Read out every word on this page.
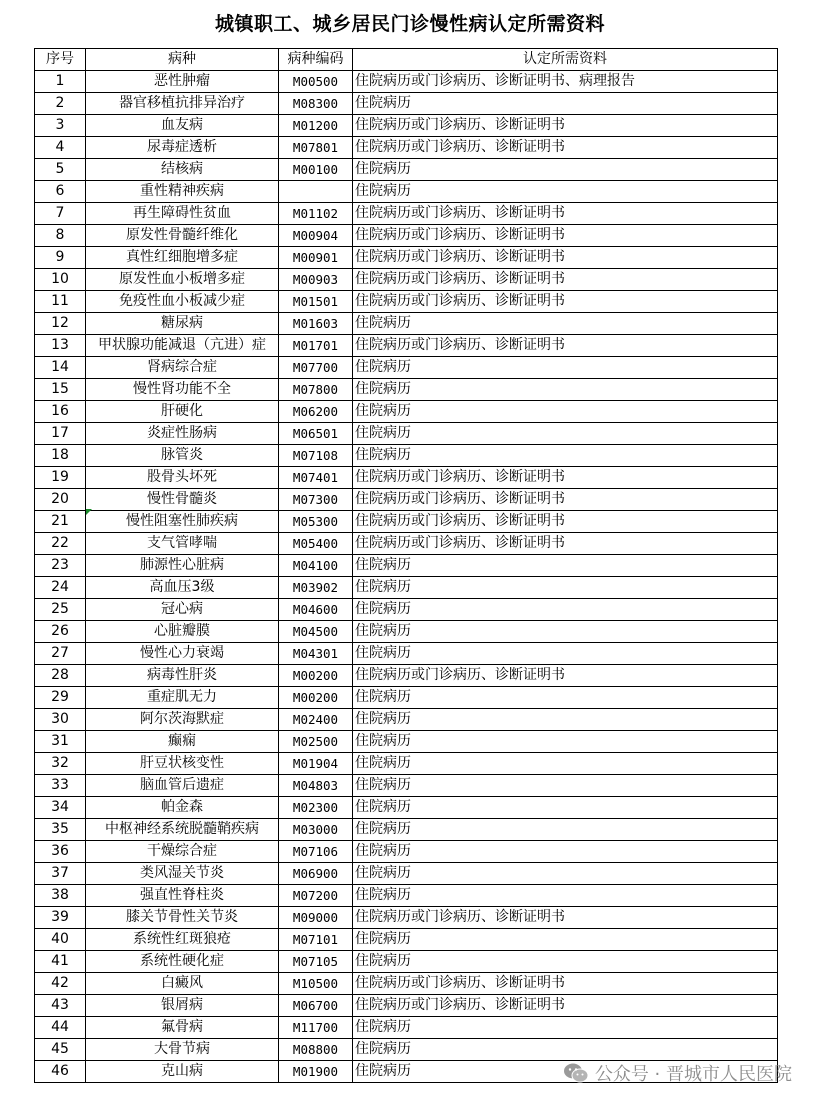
城镇职工、城乡居民门诊慢性病认定所需资料
序号	病种	病种编码	认定所需资料
1	恶性肿瘤	M00500	住院病历或门诊病历、诊断证明书、病理报告
2	器官移植抗排异治疗	M08300	住院病历
3	血友病	M01200	住院病历或门诊病历、诊断证明书
4	尿毒症透析	M07801	住院病历或门诊病历、诊断证明书
5	结核病	M00100	住院病历
6	重性精神疾病		住院病历
7	再生障碍性贫血	M01102	住院病历或门诊病历、诊断证明书
8	原发性骨髓纤维化	M00904	住院病历或门诊病历、诊断证明书
9	真性红细胞增多症	M00901	住院病历或门诊病历、诊断证明书
10	原发性血小板增多症	M00903	住院病历或门诊病历、诊断证明书
11	免疫性血小板减少症	M01501	住院病历或门诊病历、诊断证明书
12	糖尿病	M01603	住院病历
13	甲状腺功能减退（亢进）症	M01701	住院病历或门诊病历、诊断证明书
14	肾病综合症	M07700	住院病历
15	慢性肾功能不全	M07800	住院病历
16	肝硬化	M06200	住院病历
17	炎症性肠病	M06501	住院病历
18	脉管炎	M07108	住院病历
19	股骨头坏死	M07401	住院病历或门诊病历、诊断证明书
20	慢性骨髓炎	M07300	住院病历或门诊病历、诊断证明书
21	慢性阻塞性肺疾病	M05300	住院病历或门诊病历、诊断证明书
22	支气管哮喘	M05400	住院病历或门诊病历、诊断证明书
23	肺源性心脏病	M04100	住院病历
24	高血压3级	M03902	住院病历
25	冠心病	M04600	住院病历
26	心脏瓣膜	M04500	住院病历
27	慢性心力衰竭	M04301	住院病历
28	病毒性肝炎	M00200	住院病历或门诊病历、诊断证明书
29	重症肌无力	M00200	住院病历
30	阿尔茨海默症	M02400	住院病历
31	癫痫	M02500	住院病历
32	肝豆状核变性	M01904	住院病历
33	脑血管后遗症	M04803	住院病历
34	帕金森	M02300	住院病历
35	中枢神经系统脱髓鞘疾病	M03000	住院病历
36	干燥综合症	M07106	住院病历
37	类风湿关节炎	M06900	住院病历
38	强直性脊柱炎	M07200	住院病历
39	膝关节骨性关节炎	M09000	住院病历或门诊病历、诊断证明书
40	系统性红斑狼疮	M07101	住院病历
41	系统性硬化症	M07105	住院病历
42	白癜风	M10500	住院病历或门诊病历、诊断证明书
43	银屑病	M06700	住院病历或门诊病历、诊断证明书
44	氟骨病	M11700	住院病历
45	大骨节病	M08800	住院病历
46	克山病	M01900	住院病历	公众号 · 晋城市人民医院
